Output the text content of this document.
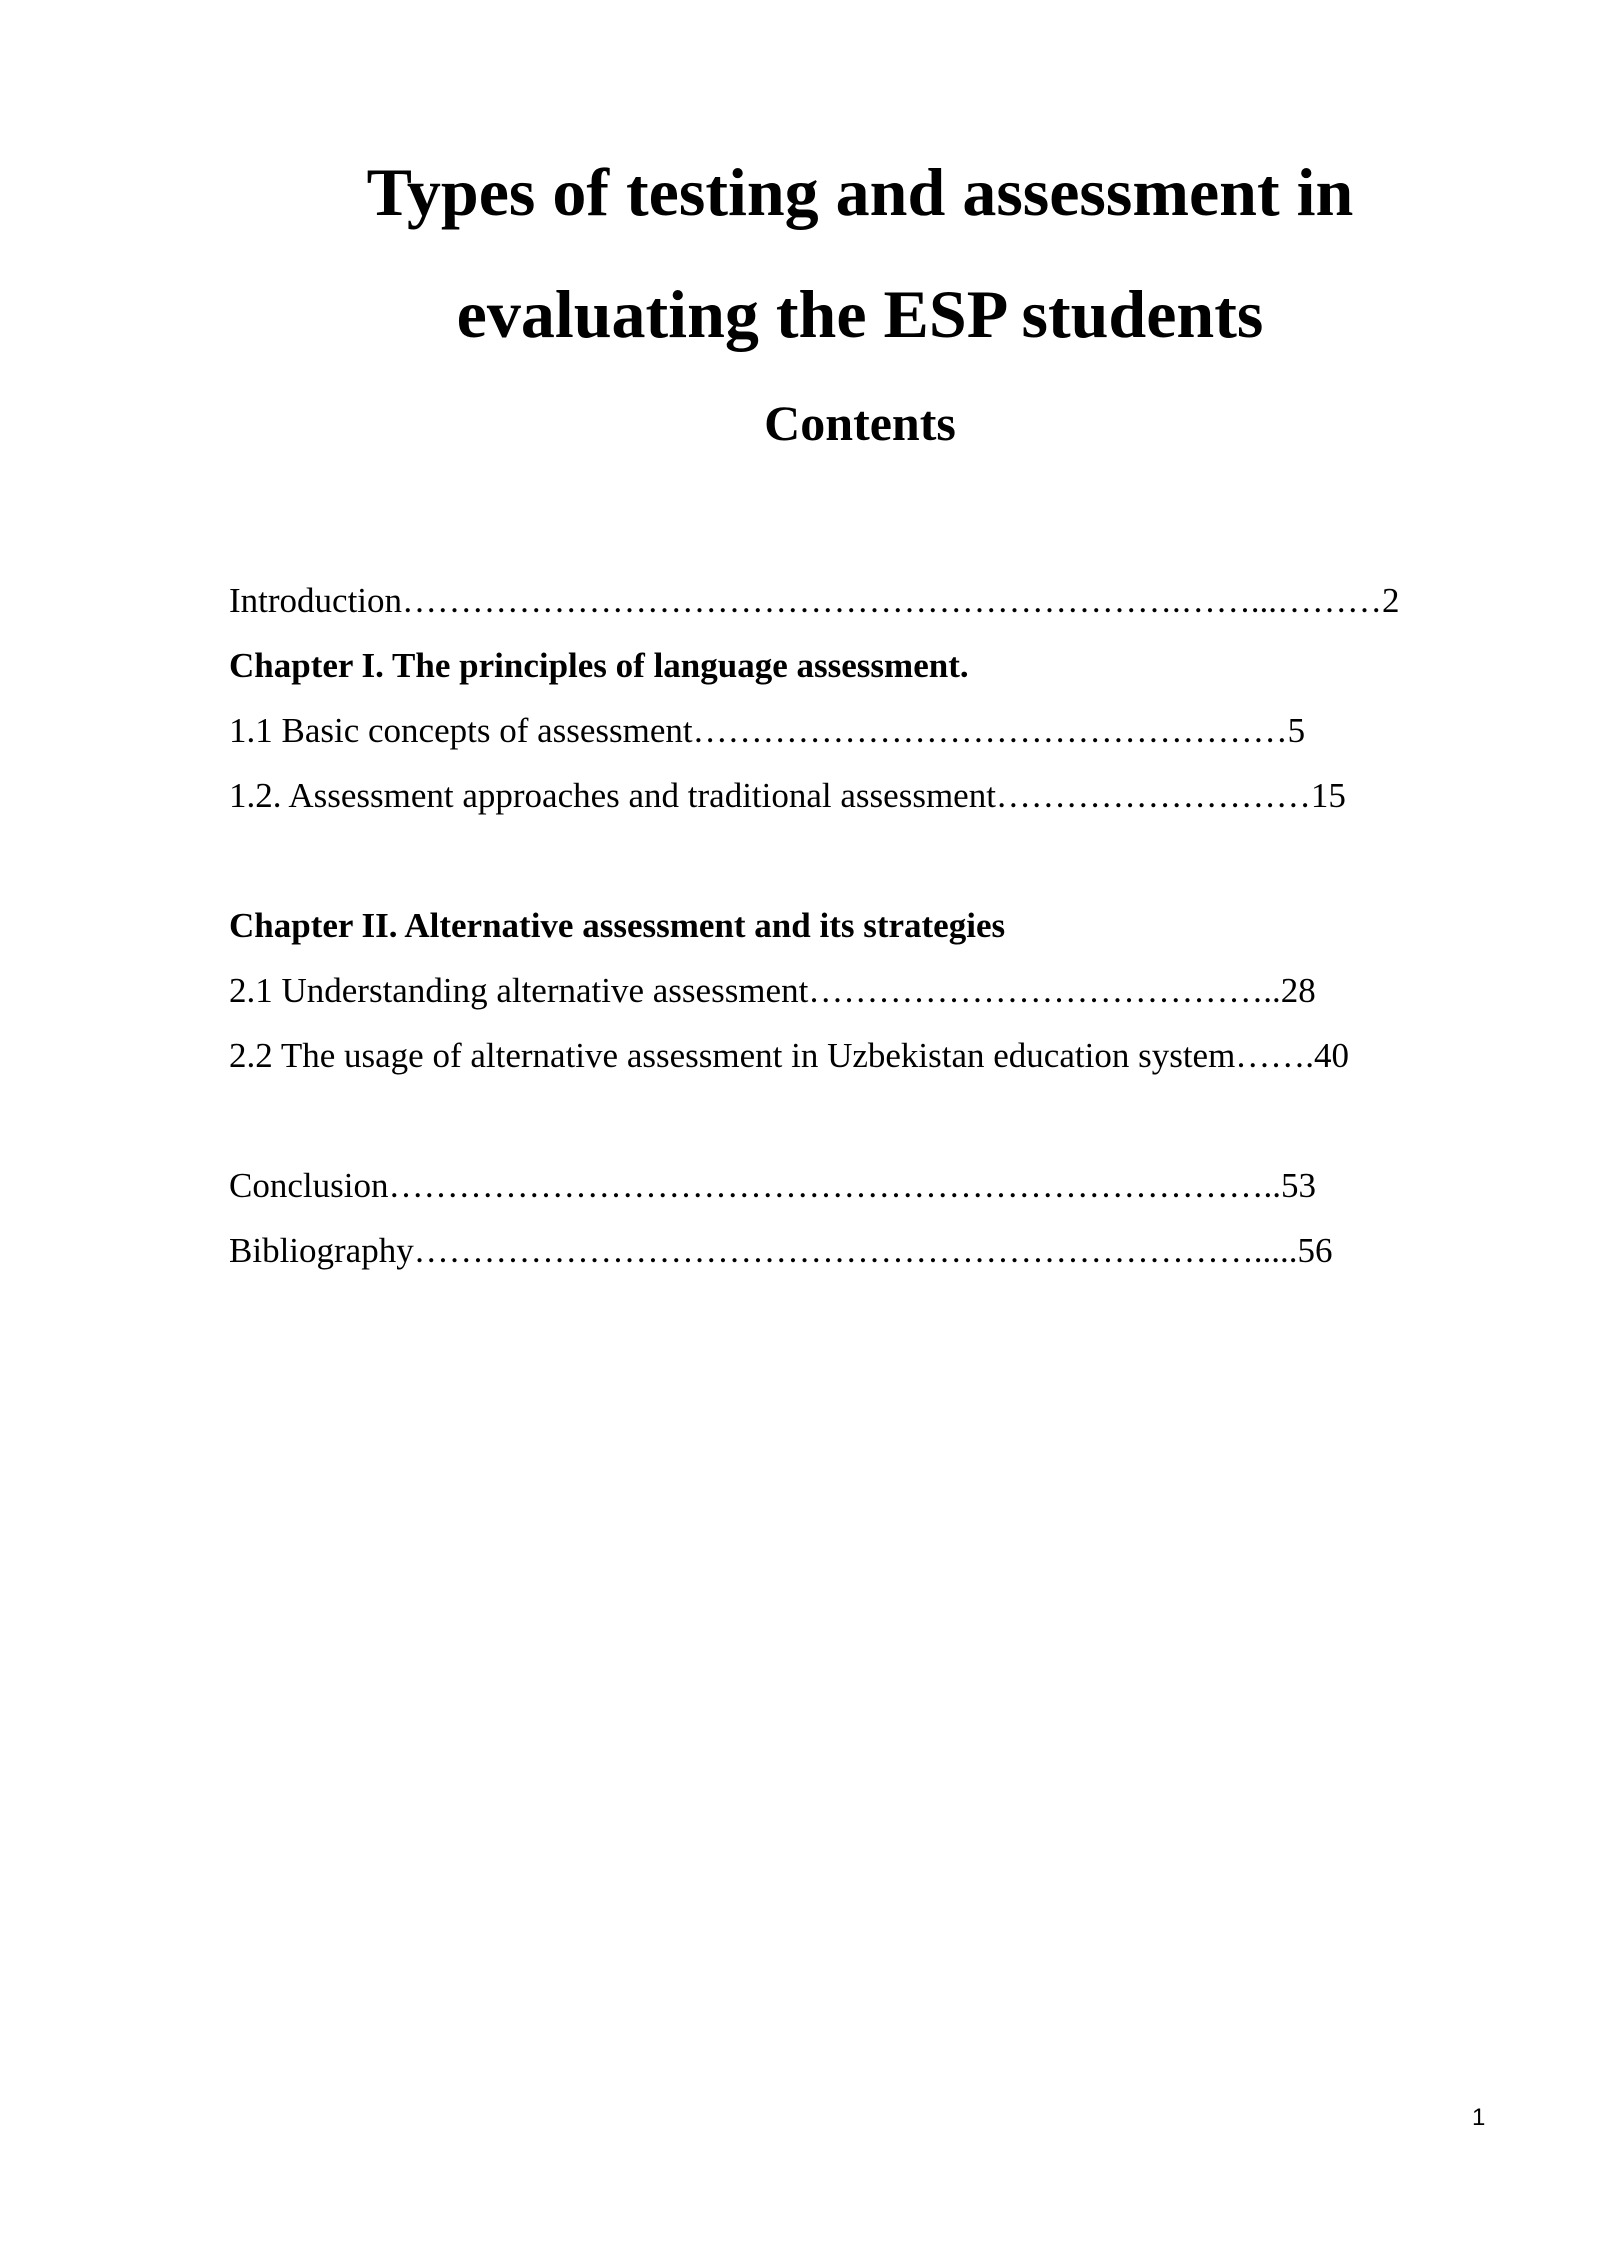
Types of testing and assessment in
evaluating the ESP students
Contents
Introduction………………………………………………………….……...………2
Chapter I. The principles of language assessment.
1.1 Basic concepts of assessment……………………………………………5
1.2. Assessment approaches and traditional assessment………………………15
Chapter II. Alternative assessment and its strategies
2.1 Understanding alternative assessment…………………………………..28
2.2 The usage of alternative assessment in Uzbekistan education system…….40
Conclusion…………………………………………………………………..53
Bibliography……………………………………………………………….....56
1
